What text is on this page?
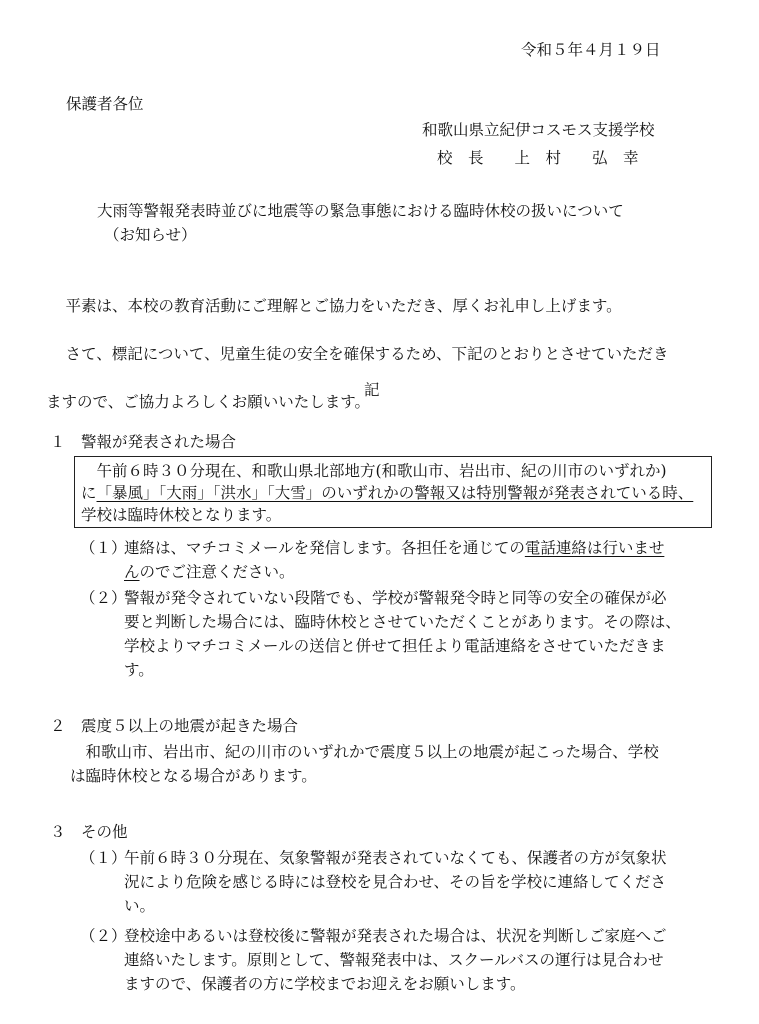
令和５年４月１９日
保護者各位
和歌山県立紀伊コスモス支援学校
校　長　　 上　村　　弘　幸
大雨等警報発表時並びに地震等の緊急事態における臨時休校の扱いについて
（お知らせ）

　平素は、本校の教育活動にご理解とご協力をいただき、厚くお礼申し上げます。

　さて、標記について、児童生徒の安全を確保するため、下記のとおりとさせていただき

ますので、ご協力よろしくお願いいたします。

記
１　警報が発表された場合
　午前６時３０分現在、和歌山県北部地方(和歌山市、岩出市、紀の川市のいずれか)
に「暴風」「大雨」「洪水」「大雪」のいずれかの警報又は特別警報が発表されている時、
学校は臨時休校となります。
（１）
連絡は、マチコミメールを発信します。各担任を通じての電話連絡は行いませ
んのでご注意ください。
（２）
警報が発令されていない段階でも、学校が警報発令時と同等の安全の確保が必
要と判断した場合には、臨時休校とさせていただくことがあります。その際は、
学校よりマチコミメールの送信と併せて担任より電話連絡をさせていただきま
す。
２　震度５以上の地震が起きた場合
　和歌山市、岩出市、紀の川市のいずれかで震度５以上の地震が起こった場合、学校
は臨時休校となる場合があります。
３　その他
（１）
午前６時３０分現在、気象警報が発表されていなくても、保護者の方が気象状
況により危険を感じる時には登校を見合わせ、その旨を学校に連絡してくださ
い。
（２）
登校途中あるいは登校後に警報が発表された場合は、状況を判断しご家庭へご
連絡いたします。原則として、警報発表中は、スクールバスの運行は見合わせ
ますので、保護者の方に学校までお迎えをお願いします。
